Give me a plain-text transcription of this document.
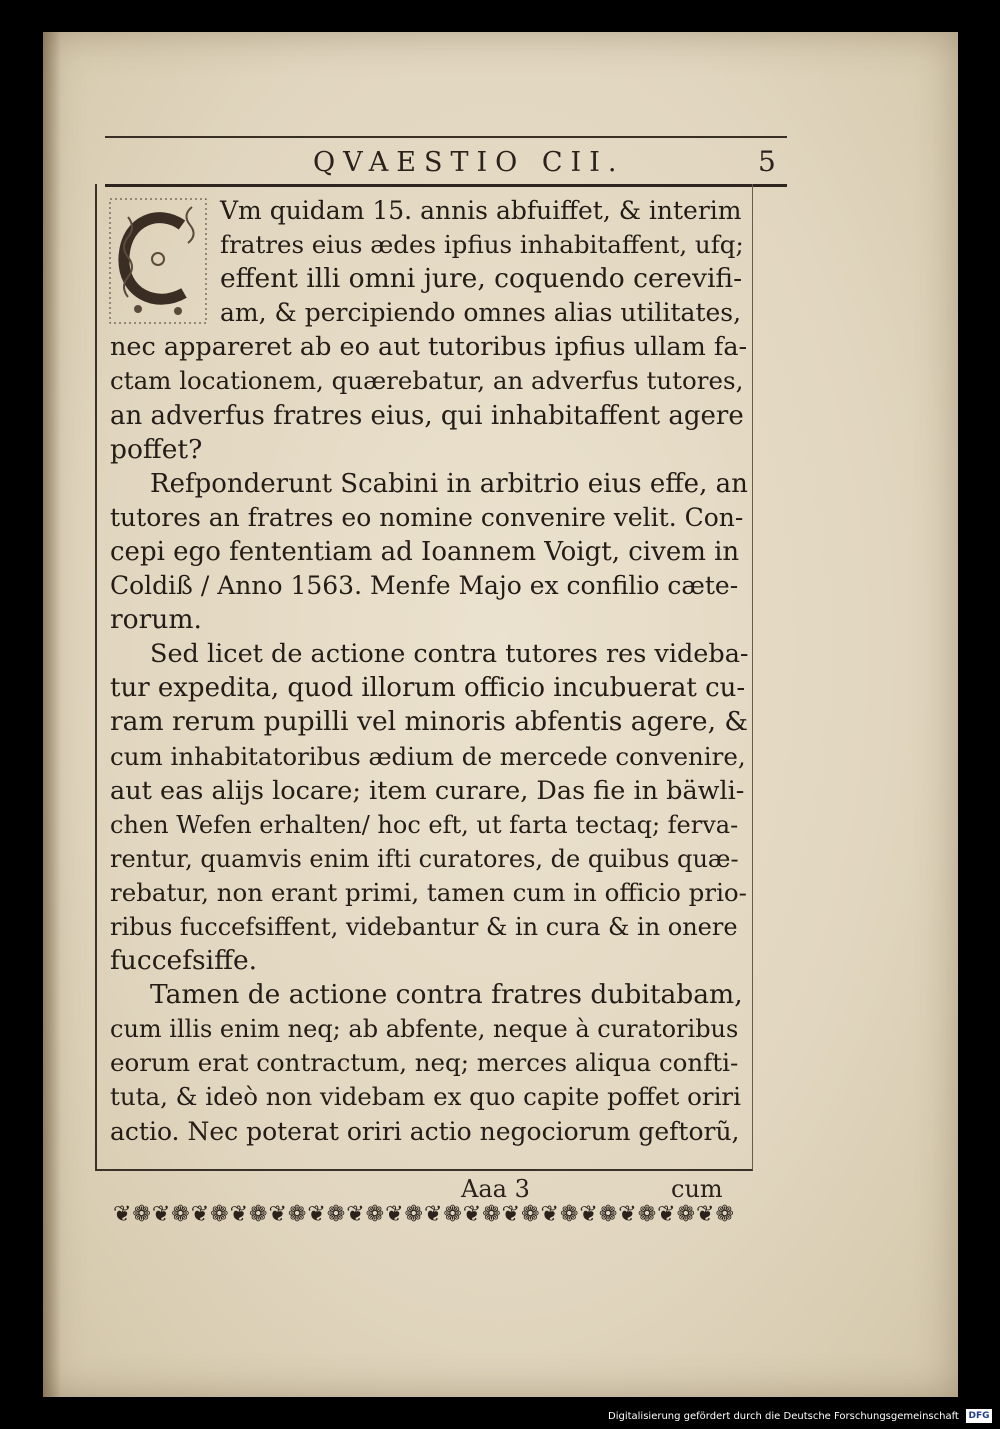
QVAESTIO CII.	5
Vm quidam 15. annis abfuiffet, & interim
fratres eius ædes ipfius inhabitaffent, ufq;
effent illi omni jure, coquendo cerevifi-
am, & percipiendo omnes alias utilitates,
nec appareret ab eo aut tutoribus ipfius ullam fa-
ctam locationem, quærebatur, an adverfus tutores,
an adverfus fratres eius, qui inhabitaffent agere
poffet?
Refponderunt Scabini in arbitrio eius effe, an
tutores an fratres eo nomine convenire velit. Con-
cepi ego fententiam ad Ioannem Voigt, civem in
Coldiß / Anno 1563. Menfe Majo ex confilio cæte-
rorum.
Sed licet de actione contra tutores res videba-
tur expedita, quod illorum officio incubuerat cu-
ram rerum pupilli vel minoris abfentis agere, &
cum inhabitatoribus ædium de mercede convenire,
aut eas alijs locare; item curare, Das fie in bäwli-
chen Wefen erhalten/ hoc eft, ut farta tectaq; ferva-
rentur, quamvis enim ifti curatores, de quibus quæ-
rebatur, non erant primi, tamen cum in officio prio-
ribus fuccefsiffent, videbantur & in cura & in onere
fuccefsiffe.
Tamen de actione contra fratres dubitabam,
cum illis enim neq; ab abfente, neque à curatoribus
eorum erat contractum, neq; merces aliqua confti-
tuta, & ideò non videbam ex quo capite poffet oriri
actio. Nec poterat oriri actio negociorum geftorũ,
Aaa 3	cum
❦❁❦❁❦❁❦❁❦❁❦❁❦❁❦❁❦❁❦❁❦❁❦❁❦❁❦❁❦❁❦❁
Digitalisierung gefördert durch die Deutsche Forschungsgemeinschaft DFG
